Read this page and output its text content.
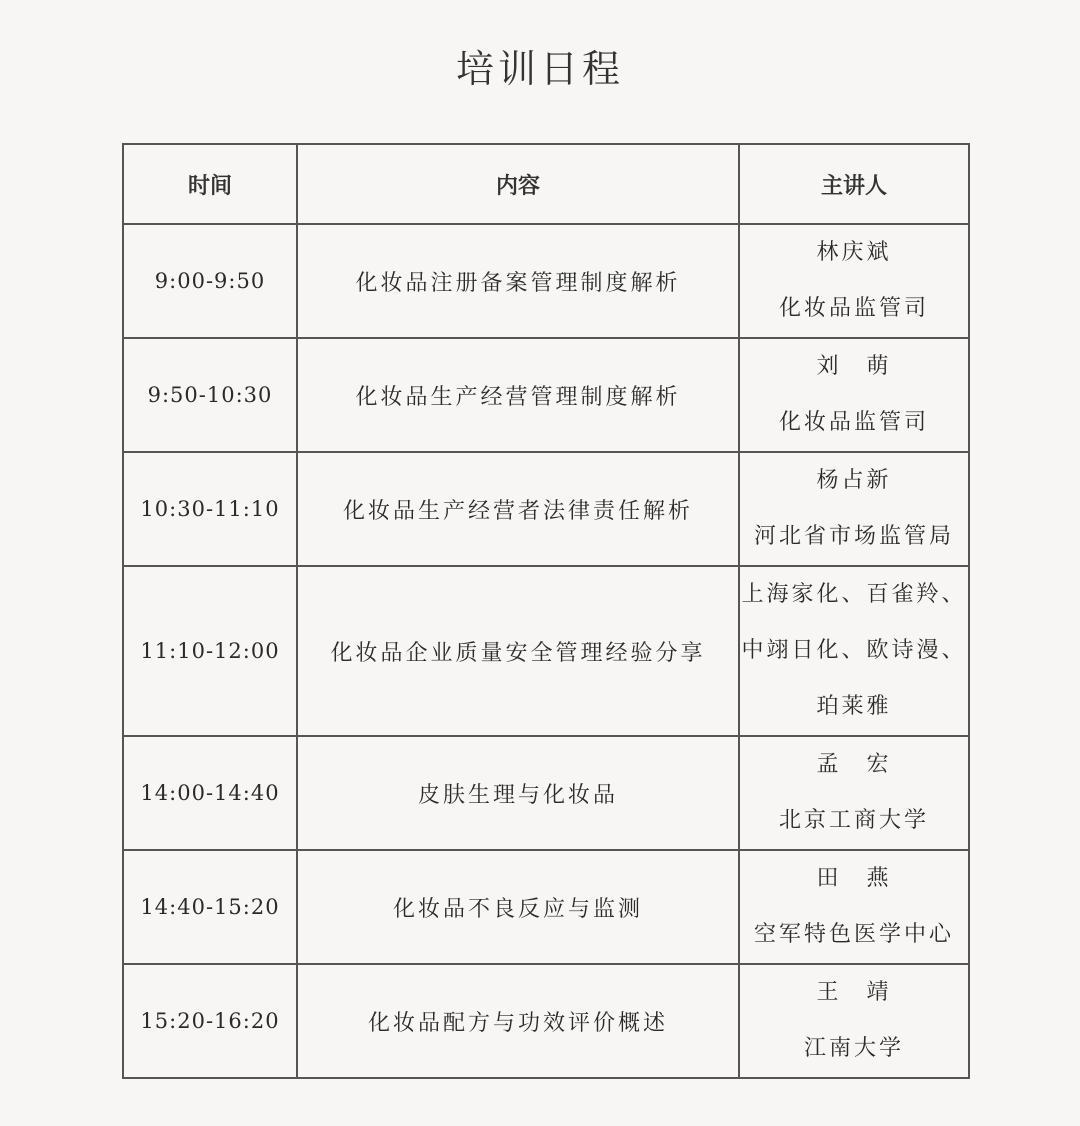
培训日程
时间	内容	主讲人
9:00-9:50	化妆品注册备案管理制度解析	林庆斌
化妆品监管司

9:50-10:30	化妆品生产经营管理制度解析	刘　萌
化妆品监管司

10:30-11:10	化妆品生产经营者法律责任解析	杨占新
河北省市场监管局

11:10-12:00	化妆品企业质量安全管理经验分享	上海家化、百雀羚、
中翊日化、欧诗漫、
珀莱雅

14:00-14:40	皮肤生理与化妆品	孟　宏
北京工商大学

14:40-15:20	化妆品不良反应与监测	田　燕
空军特色医学中心

15:20-16:20	化妆品配方与功效评价概述	王　靖
江南大学
